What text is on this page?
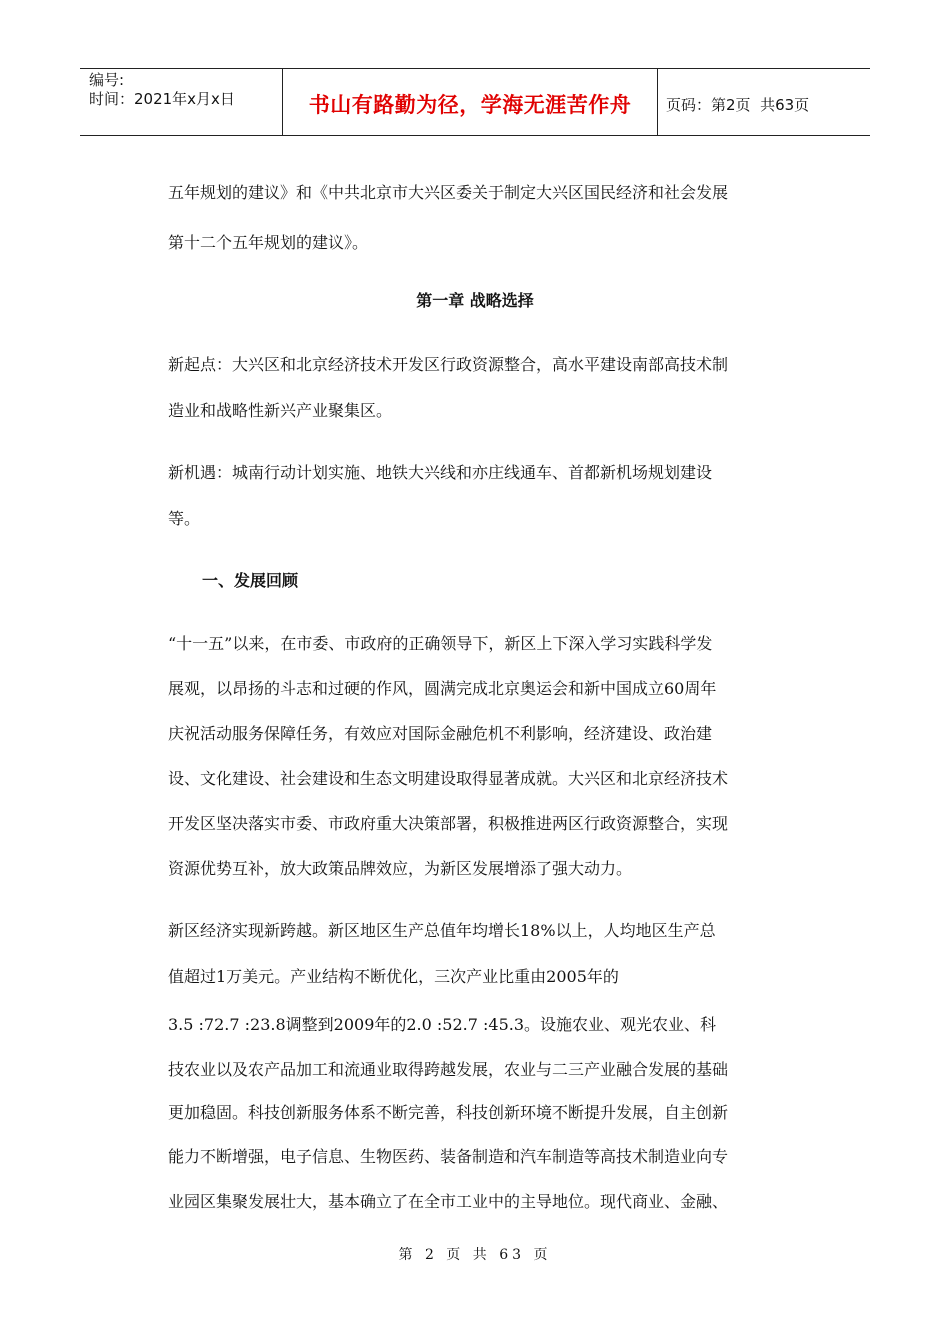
编号:
时间：2021年x月x日	书山有路勤为径，学海无涯苦作舟	页码：第2页  共63页
五年规划的建议》和《中共北京市大兴区委关于制定大兴区国民经济和社会发展
第十二个五年规划的建议》。
第一章 战略选择
新起点：大兴区和北京经济技术开发区行政资源整合，高水平建设南部高技术制
造业和战略性新兴产业聚集区。
新机遇：城南行动计划实施、地铁大兴线和亦庄线通车、首都新机场规划建设
等。
一、发展回顾
“十一五”以来，在市委、市政府的正确领导下，新区上下深入学习实践科学发
展观，以昂扬的斗志和过硬的作风，圆满完成北京奥运会和新中国成立60周年
庆祝活动服务保障任务，有效应对国际金融危机不利影响，经济建设、政治建
设、文化建设、社会建设和生态文明建设取得显著成就。大兴区和北京经济技术
开发区坚决落实市委、市政府重大决策部署，积极推进两区行政资源整合，实现
资源优势互补，放大政策品牌效应，为新区发展增添了强大动力。
新区经济实现新跨越。新区地区生产总值年均增长18%以上，人均地区生产总
值超过1万美元。产业结构不断优化，三次产业比重由2005年的
3.5 :72.7 :23.8调整到2009年的2.0 :52.7 :45.3。设施农业、观光农业、科
技农业以及农产品加工和流通业取得跨越发展，农业与二三产业融合发展的基础
更加稳固。科技创新服务体系不断完善，科技创新环境不断提升发展，自主创新
能力不断增强，电子信息、生物医药、装备制造和汽车制造等高技术制造业向专
业园区集聚发展壮大，基本确立了在全市工业中的主导地位。现代商业、金融、
第 2 页 共 63 页
